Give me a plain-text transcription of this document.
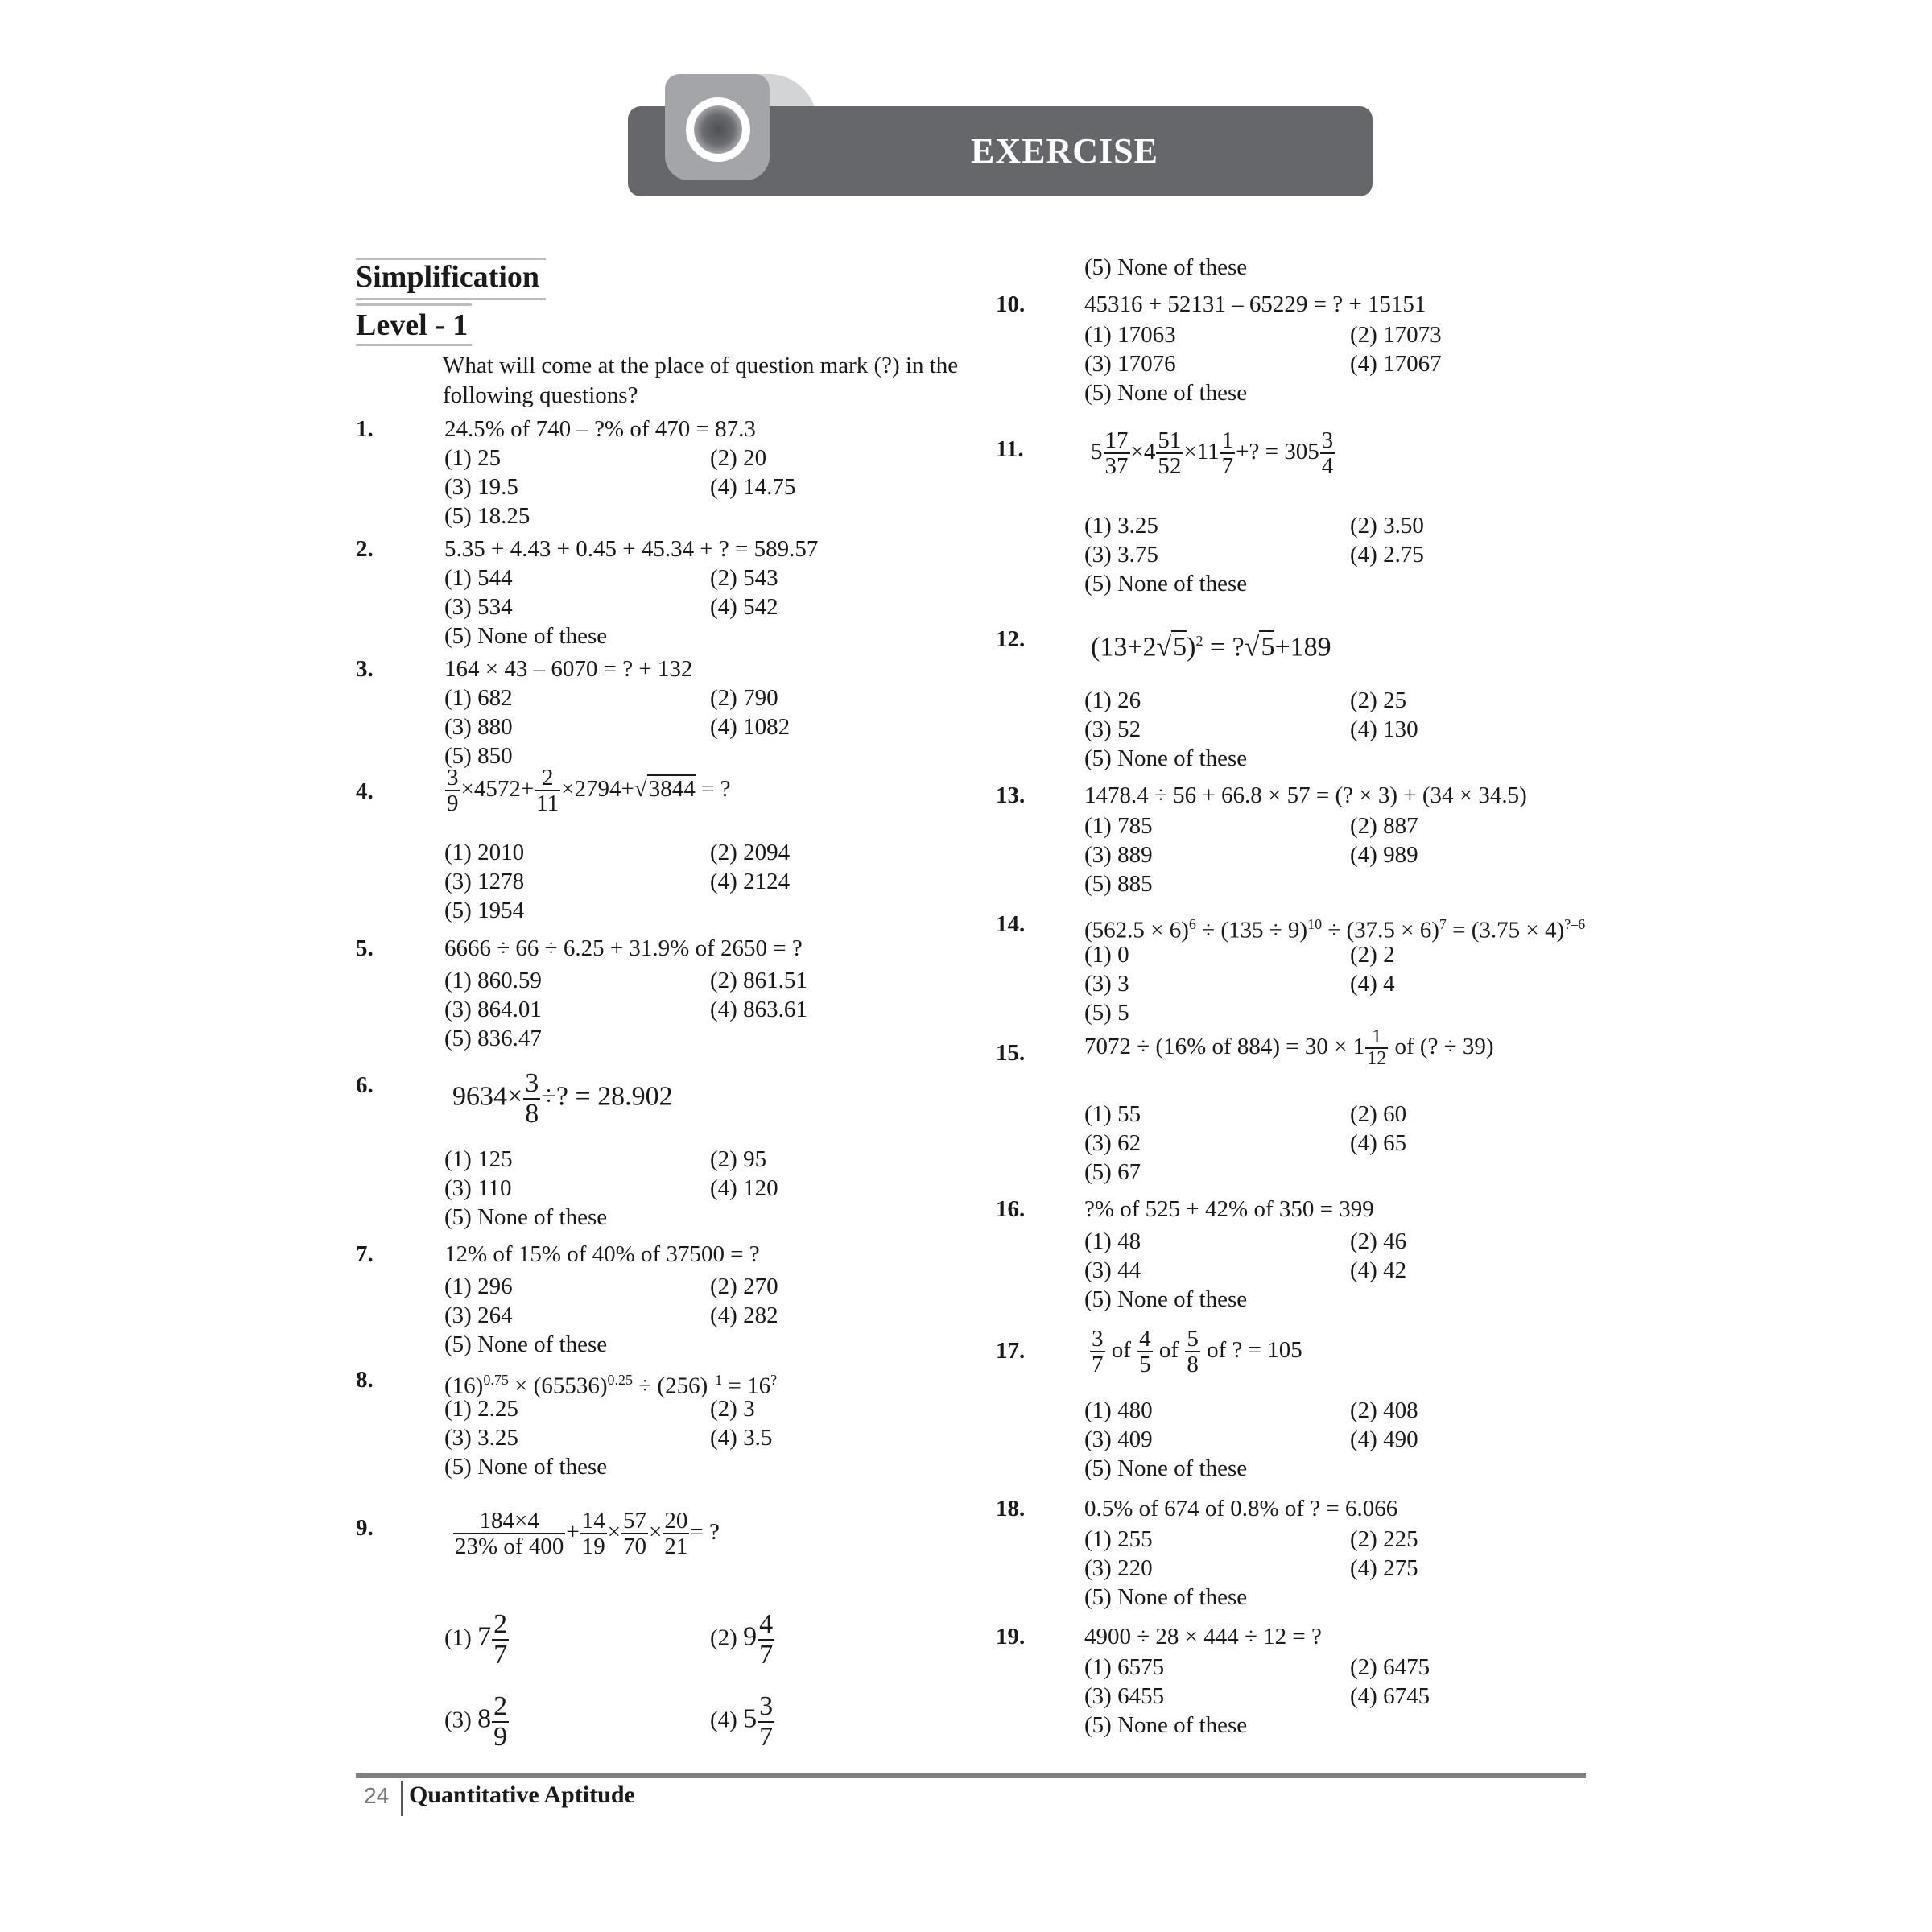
EXERCISE
Simplification
Level - 1
What will come at the place of question mark (?) in the following questions?
1.	24.5% of 740 – ?% of 470 = 87.3
(1) 25	(2) 20
(3) 19.5	(4) 14.75
(5) 18.25
2.	5.35 + 4.43 + 0.45 + 45.34 + ? = 589.57
(1) 544	(2) 543
(3) 534	(4) 542
(5) None of these
3.	164 × 43 – 6070 = ? + 132
(1) 682	(2) 790
(3) 880	(4) 1082
(5) 850
4.	$\frac{3}{9} \times 4572+ \frac{2}{11} \times 2794+√3844$ = ?
(1) 2010	(2) 2094
(3) 1278	(4) 2124
(5) 1954
5.	6666 ÷ 66 ÷ 6.25 + 31.9% of 2650 = ?
(1) 860.59	(2) 861.51
(3) 864.01	(4) 863.61
(5) 836.47
6.	$9634\times \frac{3}{8}$ ÷? = 28.902
(1) 125	(2) 95
(3) 110	(4) 120
(5) None of these
7.	12% of 15% of 40% of 37500 = ?
(1) 296	(2) 270
(3) 264	(4) 282
(5) None of these
8.	$(16)^{0.75} \times (65536)^{0.25} \div (256)^{-1} = 16^?$
(1) 2.25	(2) 3
(3) 3.25	(4) 3.5
(5) None of these
9.	$\frac{184\times 4}{23\% of 400} + \frac{14}{19} \times \frac{57}{70} \times \frac{20}{21}$ = ?
(1) $7 \frac{2}{7}$	(2) $9 \frac{4}{7}$
(3) $8 \frac{2}{9}$	(4) $5 \frac{3}{7}$
(5) None of these
10.	45316 + 52131 – 65229 = ? + 15151
(1) 17063	(2) 17073
(3) 17076	(4) 17067
(5) None of these
11.	$5 \frac{17}{37} \times 4 \frac{51}{52} \times 11 \frac{1}{7}$ +? = $305 \frac{3}{4}$
(1) 3.25	(2) 3.50
(3) 3.75	(4) 2.75
(5) None of these
12. $(13+2√5)^2$ = ?√5+189
(1) 26	(2) 25
(3) 52	(4) 130
(5) None of these
13.	1478.4 ÷ 56 + 66.8 × 57 = (? × 3) + (34 × 34.5)
(1) 785	(2) 887
(3) 889	(4) 989
(5) 885
14.	$(562.5 \times 6)^6 \div (135 \div 9)^{10} \div (37.5 \times 6)^7 = (3.75 \times 4)^{?-6}$
(1) 0	(2) 2
(3) 3	(4) 4
(5) 5
15.	7072 ÷ (16% of $884) = 30 \times 1 \frac{1}{12}$ of (? ÷ 39)
(1) 55	(2) 60
(3) 62	(4) 65
(5) 67
16.	?% of 525 + 42% of 350 = 399
(1) 48	(2) 46
(3) 44	(4) 42
(5) None of these
17.	$\frac{3}{7}$ of $\frac{4}{5}$ of $\frac{5}{8}$ of ? = 105
(1) 480	(2) 408
(3) 409	(4) 490
(5) None of these
18.	0.5% of 674 of 0.8% of ? = 6.066
(1) 255	(2) 225
(3) 220	(4) 275
(5) None of these
19.	4900 ÷ 28 × 444 ÷ 12 = ?
(1) 6575	(2) 6475
(3) 6455	(4) 6745
(5) None of these
24 Quantitative Aptitude
